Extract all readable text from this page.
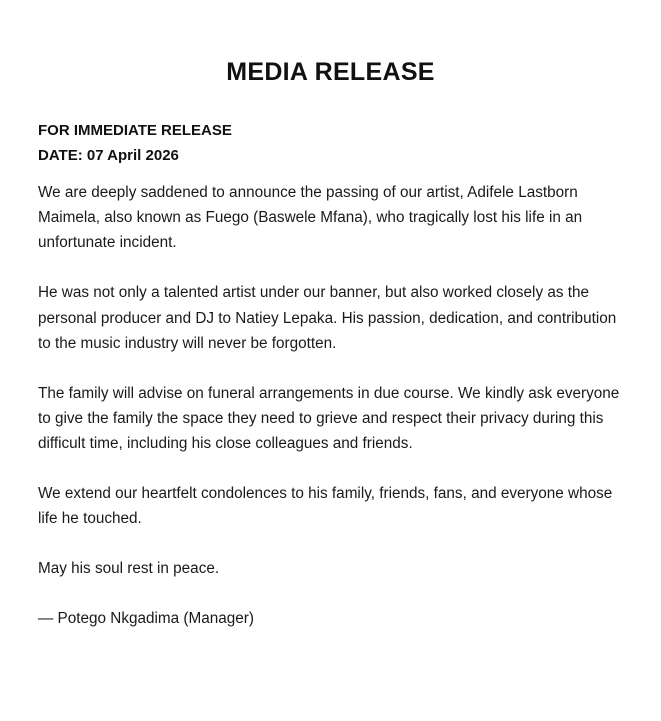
MEDIA RELEASE
FOR IMMEDIATE RELEASE
DATE: 07 April 2026
We are deeply saddened to announce the passing of our artist, Adifele Lastborn
Maimela, also known as Fuego (Baswele Mfana), who tragically lost his life in an
unfortunate incident.
He was not only a talented artist under our banner, but also worked closely as the
personal producer and DJ to Natiey Lepaka. His passion, dedication, and contribution
to the music industry will never be forgotten.
The family will advise on funeral arrangements in due course. We kindly ask everyone
to give the family the space they need to grieve and respect their privacy during this
difficult time, including his close colleagues and friends.
We extend our heartfelt condolences to his family, friends, fans, and everyone whose
life he touched.
May his soul rest in peace.
— Potego Nkgadima (Manager)
